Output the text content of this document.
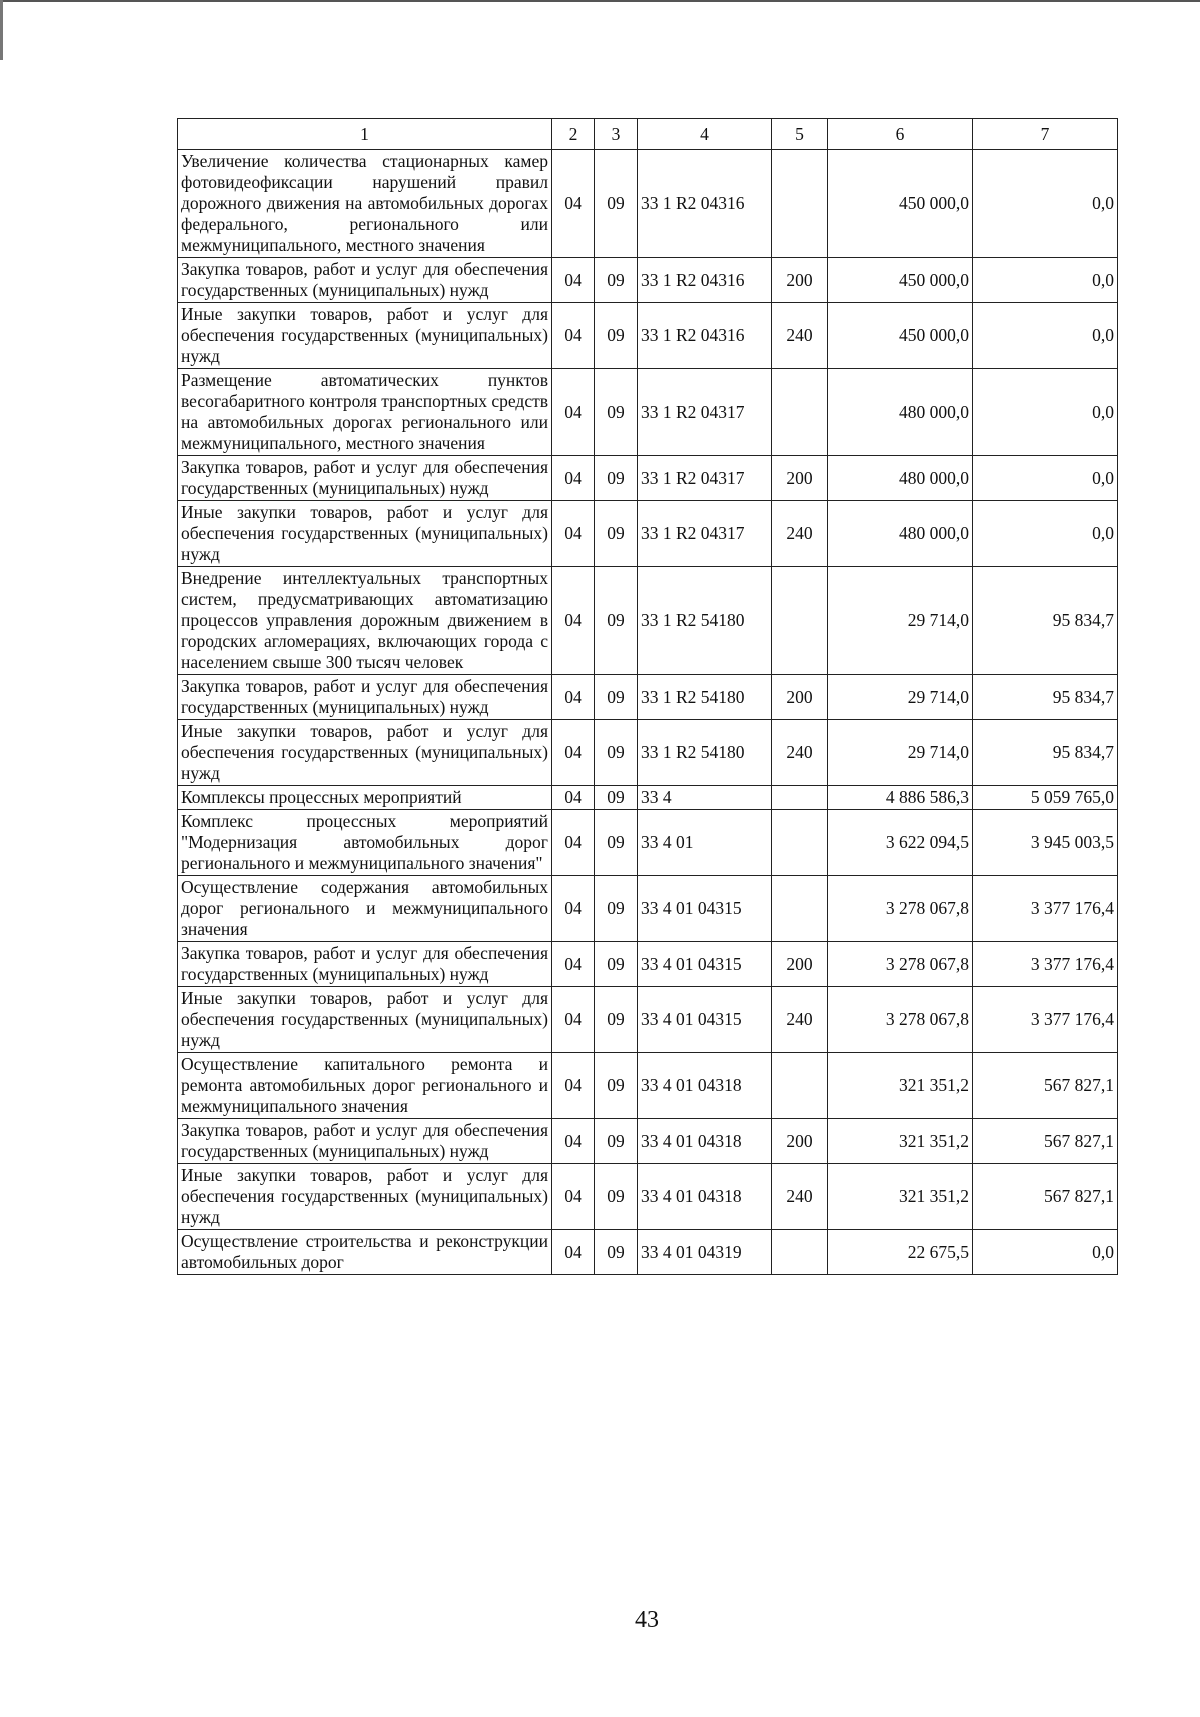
1	2	3	4	5	6	7
Увеличение количества стационарных камер фотовидеофиксации нарушений правил дорожного движения на автомобильных дорогах федерального, регионального или межмуниципального, местного значения	04	09	33 1 R2 04316		450 000,0	0,0
Закупка товаров, работ и услуг для обеспечения государственных (муниципальных) нужд	04	09	33 1 R2 04316	200	450 000,0	0,0
Иные закупки товаров, работ и услуг для обеспечения государственных (муниципальных) нужд	04	09	33 1 R2 04316	240	450 000,0	0,0
Размещение автоматических пунктов весогабаритного контроля транспортных средств на автомобильных дорогах регионального или межмуниципального, местного значения	04	09	33 1 R2 04317		480 000,0	0,0
Закупка товаров, работ и услуг для обеспечения государственных (муниципальных) нужд	04	09	33 1 R2 04317	200	480 000,0	0,0
Иные закупки товаров, работ и услуг для обеспечения государственных (муниципальных) нужд	04	09	33 1 R2 04317	240	480 000,0	0,0
Внедрение интеллектуальных транспортных систем, предусматривающих автоматизацию процессов управления дорожным движением в городских агломерациях, включающих города с населением свыше 300 тысяч человек	04	09	33 1 R2 54180		29 714,0	95 834,7
Закупка товаров, работ и услуг для обеспечения государственных (муниципальных) нужд	04	09	33 1 R2 54180	200	29 714,0	95 834,7
Иные закупки товаров, работ и услуг для обеспечения государственных (муниципальных) нужд	04	09	33 1 R2 54180	240	29 714,0	95 834,7
Комплексы процессных мероприятий	04	09	33 4		4 886 586,3	5 059 765,0
Комплекс процессных мероприятий "Модернизация автомобильных дорог регионального и межмуниципального значения"	04	09	33 4 01		3 622 094,5	3 945 003,5
Осуществление содержания автомобильных дорог регионального и межмуниципального значения	04	09	33 4 01 04315		3 278 067,8	3 377 176,4
Закупка товаров, работ и услуг для обеспечения государственных (муниципальных) нужд	04	09	33 4 01 04315	200	3 278 067,8	3 377 176,4
Иные закупки товаров, работ и услуг для обеспечения государственных (муниципальных) нужд	04	09	33 4 01 04315	240	3 278 067,8	3 377 176,4
Осуществление капитального ремонта и ремонта автомобильных дорог регионального и межмуниципального значения	04	09	33 4 01 04318		321 351,2	567 827,1
Закупка товаров, работ и услуг для обеспечения государственных (муниципальных) нужд	04	09	33 4 01 04318	200	321 351,2	567 827,1
Иные закупки товаров, работ и услуг для обеспечения государственных (муниципальных) нужд	04	09	33 4 01 04318	240	321 351,2	567 827,1
Осуществление строительства и реконструкции автомобильных дорог	04	09	33 4 01 04319		22 675,5	0,0
43
